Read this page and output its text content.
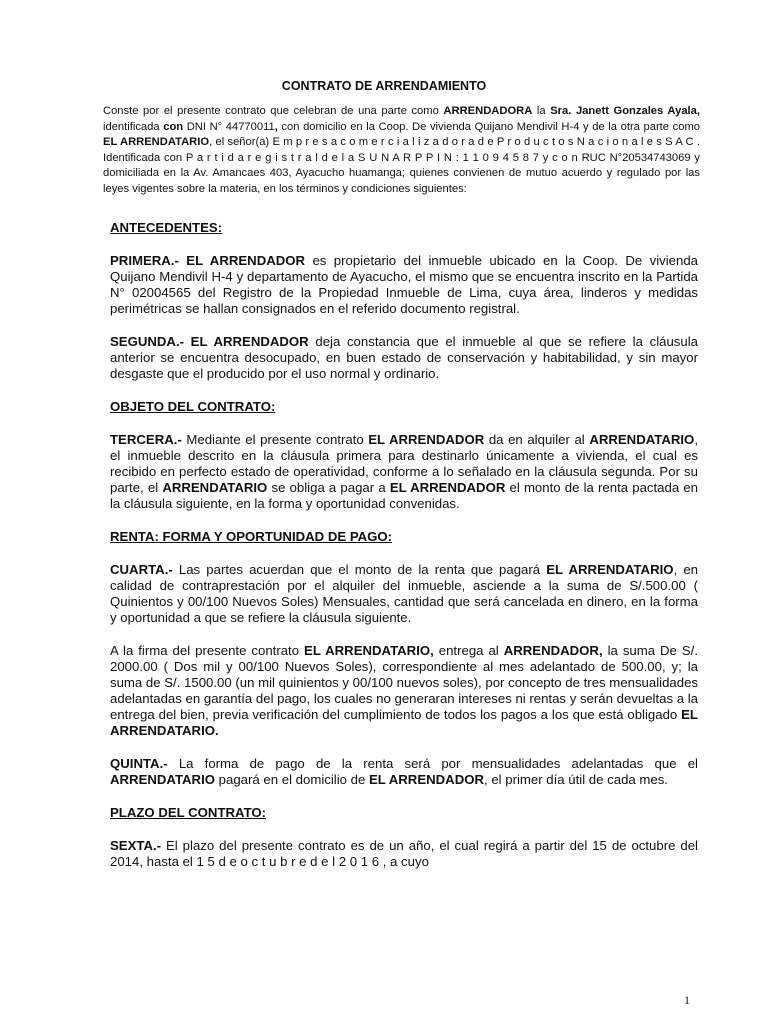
CONTRATO DE ARRENDAMIENTO
Conste por el presente contrato que celebran de una parte como ARRENDADORA la Sra. Janett Gonzales Ayala, identificada con DNI N° 44770011, con domicilio en la Coop. De vivienda Quijano Mendivil H-4 y de la otra parte como EL ARRENDATARIO, el señor(a) E m p r e s a c o m e r c i a l i z a d o r a d e P r o d u c t o s N a c i o n a l e s S A C . Identificada con P a r t i d a r e g i s t r a l d e l a S U N A R P P I N : 1 1 0 9 4 5 8 7 y c o n RUC N°20534743069 y domiciliada en la Av. Amancaes 403, Ayacucho huamanga; quienes convienen de mutuo acuerdo y regulado por las leyes vigentes sobre la materia, en los términos y condiciones siguientes:
ANTECEDENTES:
PRIMERA.- EL ARRENDADOR es propietario del inmueble ubicado en la Coop. De vivienda Quijano Mendivil H-4 y departamento de Ayacucho, el mismo que se encuentra inscrito en la Partida N° 02004565 del Registro de la Propiedad Inmueble de Lima, cuya área, linderos y medidas perimétricas se hallan consignados en el referido documento registral.
SEGUNDA.- EL ARRENDADOR deja constancia que el inmueble al que se refiere la cláusula anterior se encuentra desocupado, en buen estado de conservación y habitabilidad, y sin mayor desgaste que el producido por el uso normal y ordinario.
OBJETO DEL CONTRATO:
TERCERA.- Mediante el presente contrato EL ARRENDADOR da en alquiler al ARRENDATARIO, el inmueble descrito en la cláusula primera para destinarlo únicamente a vivienda, el cual es recibido en perfecto estado de operatividad, conforme a lo señalado en la cláusula segunda. Por su parte, el ARRENDATARIO se obliga a pagar a EL ARRENDADOR el monto de la renta pactada en la cláusula siguiente, en la forma y oportunidad convenidas.
RENTA: FORMA Y OPORTUNIDAD DE PAGO:
CUARTA.- Las partes acuerdan que el monto de la renta que pagará EL ARRENDATARIO, en calidad de contraprestación por el alquiler del inmueble, asciende a la suma de S/.500.00 ( Quinientos y 00/100 Nuevos Soles) Mensuales, cantidad que será cancelada en dinero, en la forma y oportunidad a que se refiere la cláusula siguiente.
A la firma del presente contrato EL ARRENDATARIO, entrega al ARRENDADOR, la suma De S/. 2000.00 ( Dos mil y 00/100 Nuevos Soles), correspondiente al mes adelantado de 500.00, y; la suma de S/. 1500.00 (un mil quinientos y 00/100 nuevos soles), por concepto de tres mensualidades adelantadas en garantía del pago, los cuales no generaran intereses ni rentas y serán devueltas a la entrega del bien, previa verificación del cumplimiento de todos los pagos a los que está obligado EL ARRENDATARIO.
QUINTA.- La forma de pago de la renta será por mensualidades adelantadas que el ARRENDATARIO pagará en el domicilio de EL ARRENDADOR, el primer día útil de cada mes.
PLAZO DEL CONTRATO:
SEXTA.- El plazo del presente contrato es de un año, el cual regirá a partir del 15 de octubre del 2014, hasta el 1 5 d e o c t u b r e d e l 2 0 1 6 , a cuyo
1
